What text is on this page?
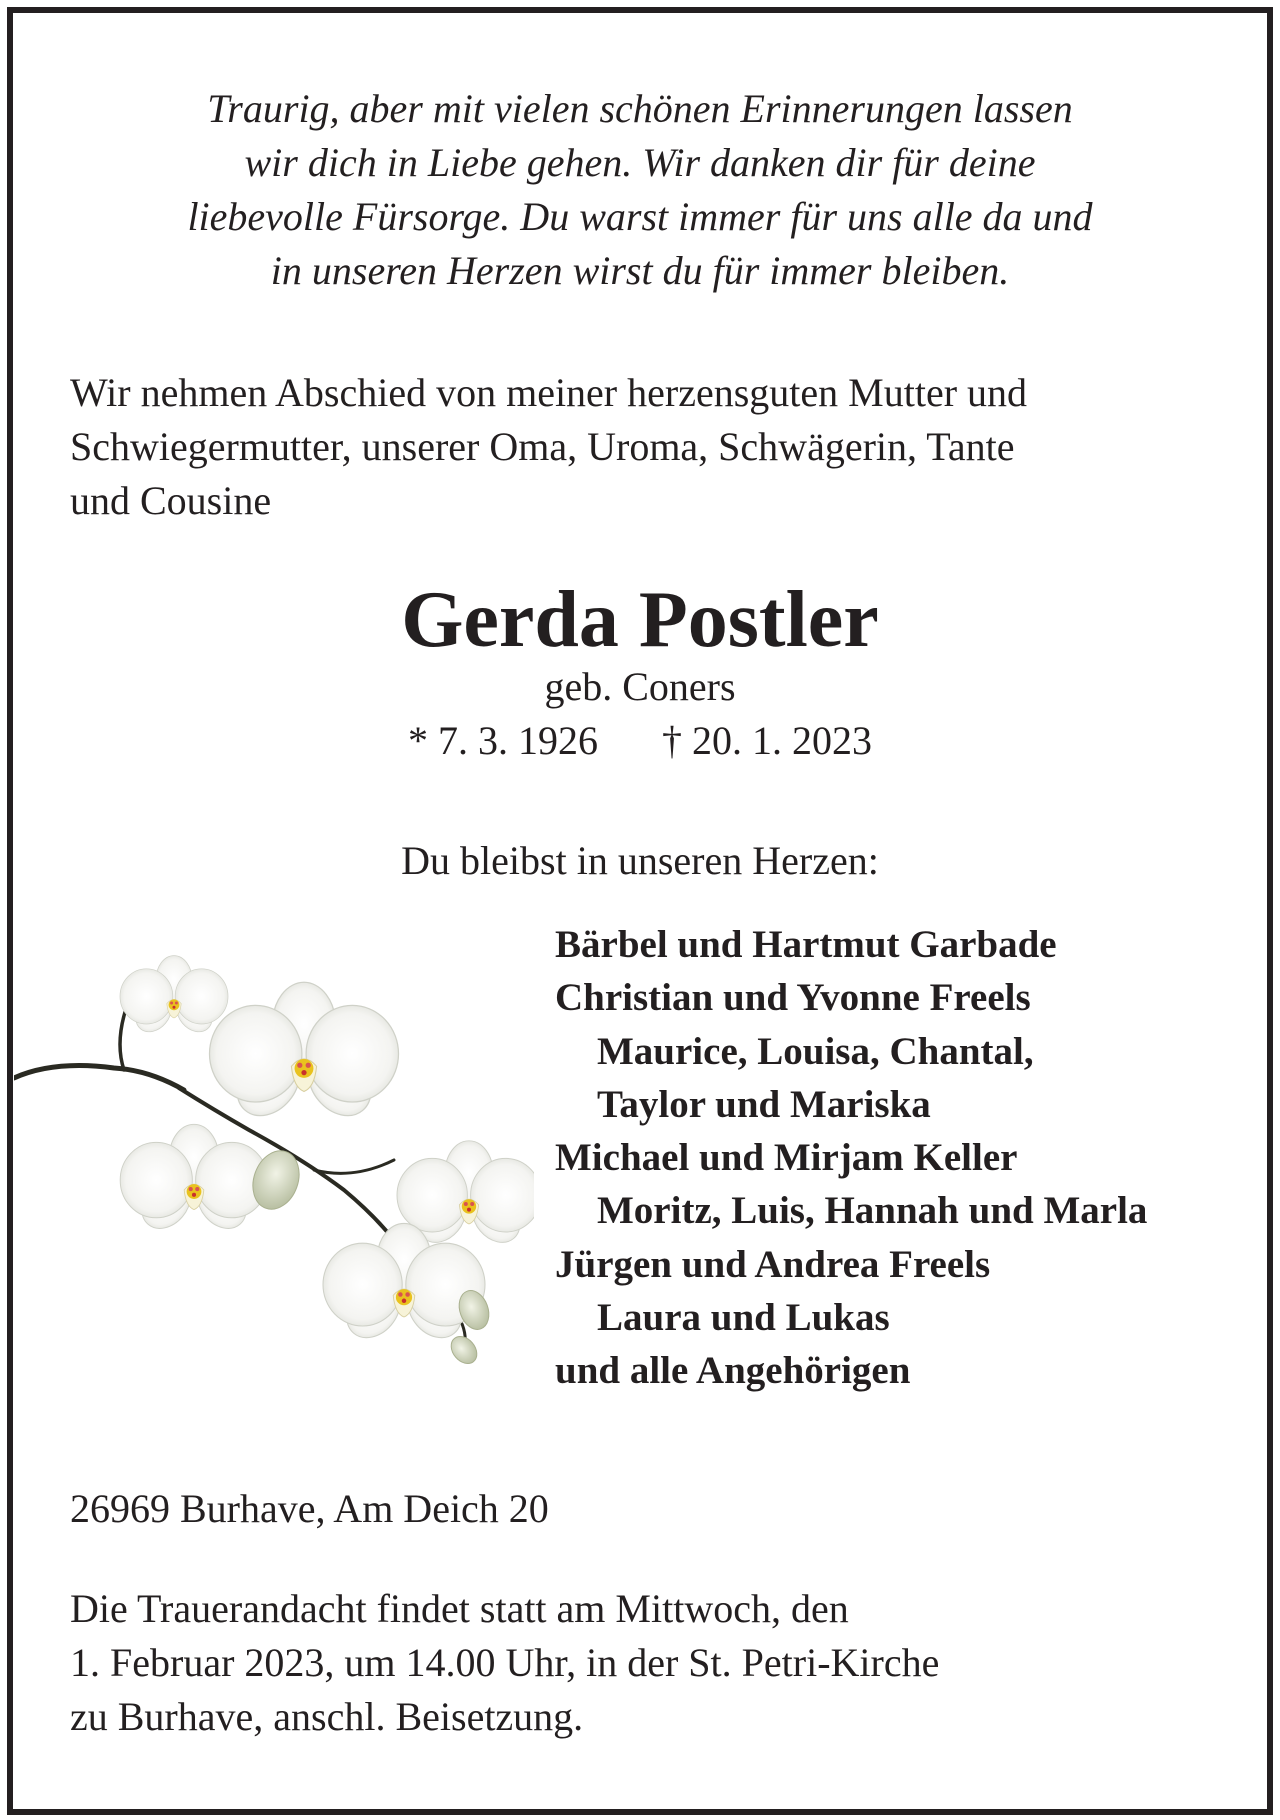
Traurig, aber mit vielen schönen Erinnerungen lassen
wir dich in Liebe gehen. Wir danken dir für deine
liebevolle Fürsorge. Du warst immer für uns alle da und
in unseren Herzen wirst du für immer bleiben.
Wir nehmen Abschied von meiner herzensguten Mutter und
Schwiegermutter, unserer Oma, Uroma, Schwägerin, Tante
und Cousine
Gerda Postler
geb. Coners
* 7. 3. 1926 † 20. 1. 2023
Du bleibst in unseren Herzen:
Bärbel und Hartmut Garbade
Christian und Yvonne Freels
Maurice, Louisa, Chantal,
Taylor und Mariska
Michael und Mirjam Keller
Moritz, Luis, Hannah und Marla
Jürgen und Andrea Freels
Laura und Lukas
und alle Angehörigen
26969 Burhave, Am Deich 20
Die Trauerandacht findet statt am Mittwoch, den
1. Februar 2023, um 14.00 Uhr, in der St. Petri-Kirche
zu Burhave, anschl. Beisetzung.
